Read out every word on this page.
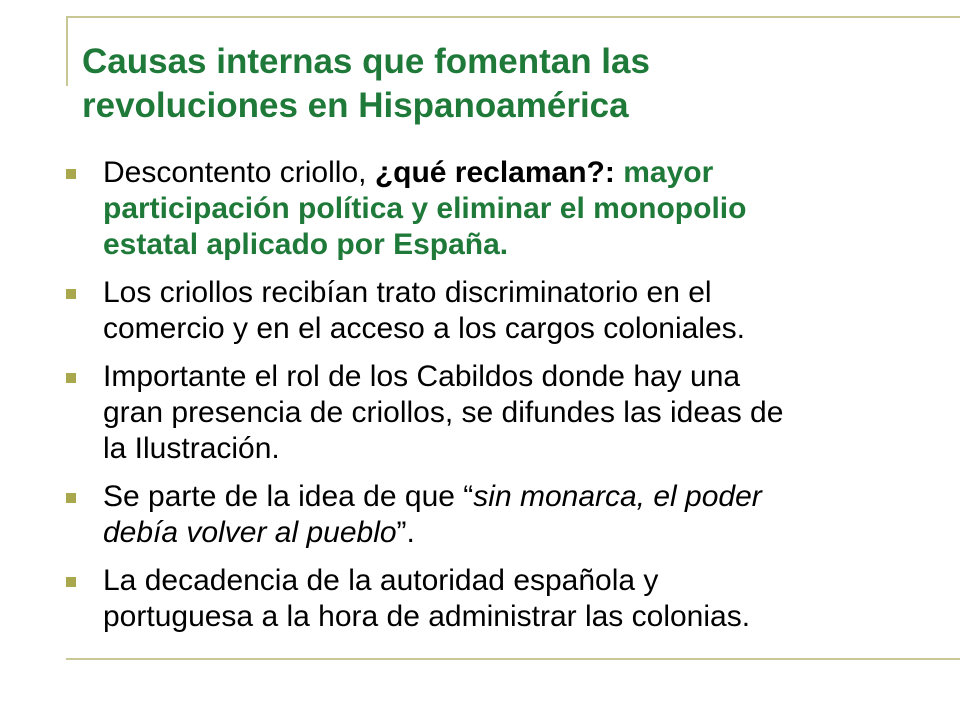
Causas internas que fomentan las
revoluciones en Hispanoamérica
Descontento criollo, ¿qué reclaman?: mayor
participación política y eliminar el monopolio
estatal aplicado por España.
Los criollos recibían trato discriminatorio en el
comercio y en el acceso a los cargos coloniales.
Importante el rol de los Cabildos donde hay una
gran presencia de criollos, se difundes las ideas de
la Ilustración.
Se parte de la idea de que “sin monarca, el poder
debía volver al pueblo”.
La decadencia de la autoridad española y
portuguesa a la hora de administrar las colonias.
